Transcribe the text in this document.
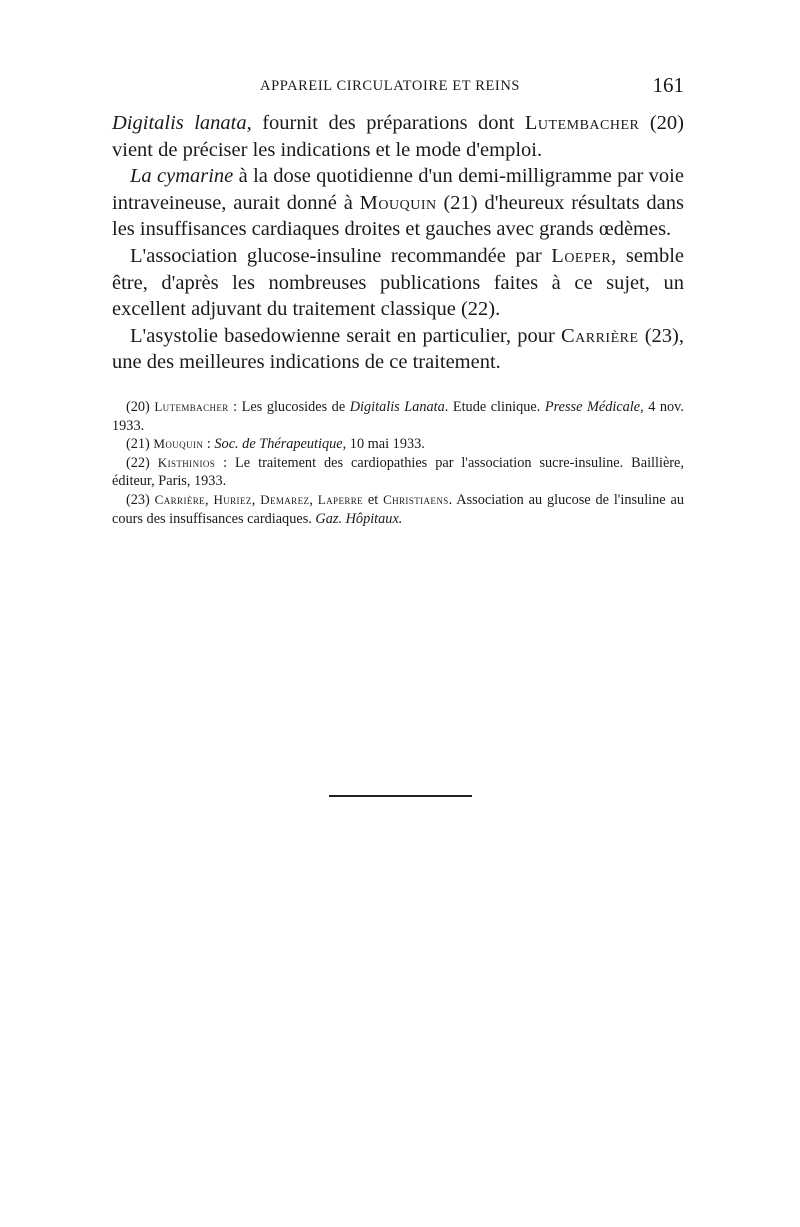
APPAREIL CIRCULATOIRE ET REINS	161

Digitalis lanata, fournit des préparations dont Lutembacher (20) vient de préciser les indications et le mode d'emploi.

La cymarine à la dose quotidienne d'un demi-milligramme par voie intraveineuse, aurait donné à Mouquin (21) d'heureux résultats dans les insuffisances cardiaques droites et gauches avec grands œdèmes.

L'association glucose-insuline recommandée par Loeper, semble être, d'après les nombreuses publications faites à ce sujet, un excellent adjuvant du traitement classique (22).

L'asystolie basedowienne serait en particulier, pour Carrière (23), une des meilleures indications de ce traitement.

(20) Lutembacher : Les glucosides de Digitalis Lanata. Etude clinique. Presse Médicale, 4 nov. 1933.

(21) Mouquin : Soc. de Thérapeutique, 10 mai 1933.

(22) Kisthinios : Le traitement des cardiopathies par l'association sucre-insuline. Baillière, éditeur, Paris, 1933.

(23) Carrière, Huriez, Demarez, Laperre et Christiaens. Association au glucose de l'insuline au cours des insuffisances cardiaques. Gaz. Hôpitaux.
